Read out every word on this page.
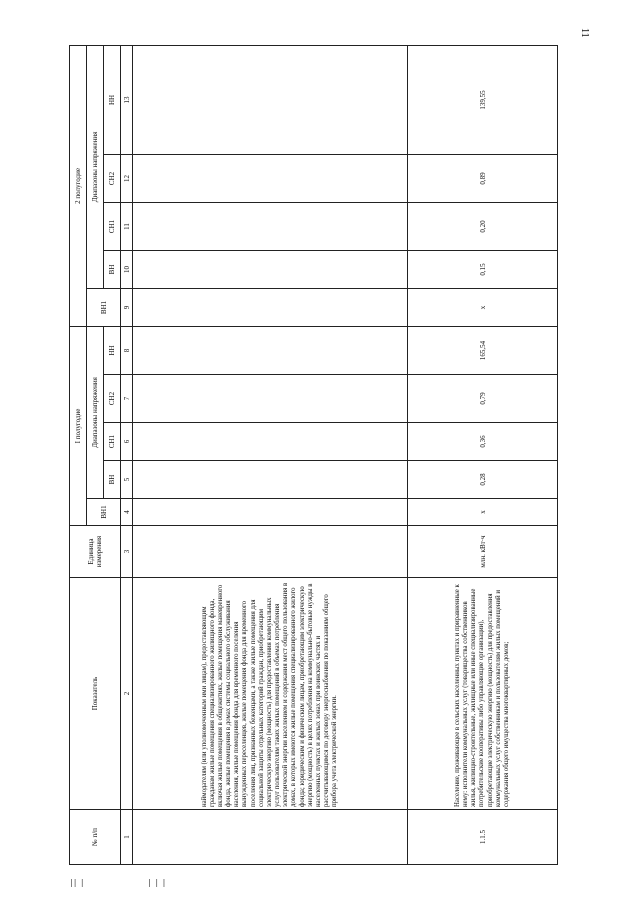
11
№ п/п	Показатель	Единица измерения	I полугодие					2 полугодие				
			ВН1	Диапазоны напряжения				ВН1	Диапазоны напряжения			
				ВН	СН1	СН2	НН		ВН	СН1	СН2	НН
1	2	3	4	5	6	7	8	9	10	11	12	13
	наймодателям (или уполномоченным ими лицам), предоставляющим гражданам жилые помещения специализированного жилищного фонда, включая жилые помещения в общежитиях, жилые помещения маневренного фонда, жилые помещения в домах системы социального обслуживания населения, жилые помещения фонда для временного поселения вынужденных переселенцев, жилые помещения фонда для временного поселения лиц, признанных беженцами, а также жилые помещения для социальной защиты отдельных категорий граждан, приобретающим электрическую энергию (мощность) для предоставления коммунальных услуг пользователям таких жилых помещений в объемах потребления электрической энергии населением и содержания мест общего пользования в домах, в которых имеются жилые помещения специализированного жилого фонда; юридическим и физическим лицам, приобретающим электрическую энергию (мощность) в целях потребления на коммунально-бытовые нужды в населенных пунктах и жилых зонах при воинских частях и рассчитывающимся по договору энергоснабжения по показаниям общего прибора учета электрической энергии.											
1.1.5	Население, проживающее в сельских населенных пунктах и приравненные к нему: исполнители коммунальных услуг (товарищества собственников жилья, жилищно-строительные, жилищные или иные специализированные потребительские кооперативы либо управляющие организации), приобретающие электрическую энергию (мощность) для предоставления коммунальных услуг собственникам и пользователям жилых помещений и содержания общего имущества многоквартирных домов;	млн. кВт·ч	x	0,28	0,36	0,79	165,54	x	0,15	0,20	0,89	139,55
|| |	| | |
